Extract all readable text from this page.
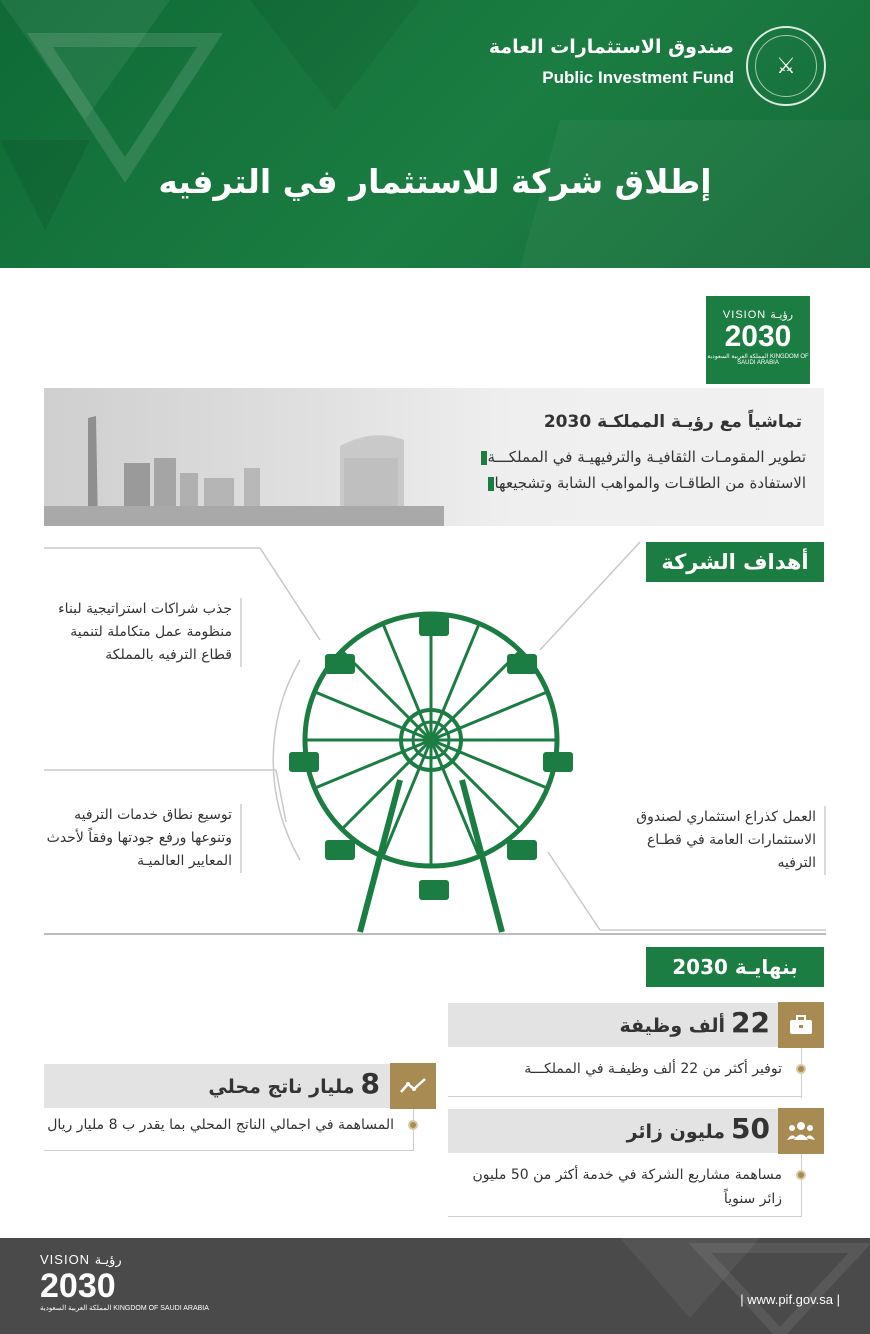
⚔
صندوق الاستثمارات العامة
Public Investment Fund
إطلاق شركة للاستثمار في الترفيه
VISION رؤيـة
2030
المملكة العربية السعودية KINGDOM OF SAUDI ARABIA
تماشياً مع رؤيـة المملكـة 2030
تطوير المقومـات الثقافيـة والترفيهيـة في المملكـــة
الاستفادة من الطاقـات والمواهب الشابة وتشجيعها
أهداف الشركة
جذب شراكات استراتيجية لبناء منظومة عمل متكاملة لتنمية قطاع الترفيه بالمملكة
توسيع نطاق خدمات الترفيه وتنوعها ورفع جودتها وفقاً لأحدث المعايير العالميـة
العمل كذراع استثماري لصندوق الاستثمارات العامة في قطـاع الترفيه
بنهايـة 2030
22ألف وظيفة
توفير أكثر من 22 ألف وظيفـة في المملكـــة
50مليون زائر
مساهمة مشاريع الشركة في خدمة أكثر من 50 مليون زائر سنوياً
8مليار ناتج محلي
المساهمة في اجمالي الناتج المحلي بما يقدر ب 8 مليار ريال
VISION رؤيـة
2030
المملكة العربية السعودية KINGDOM OF SAUDI ARABIA
| www.pif.gov.sa |
